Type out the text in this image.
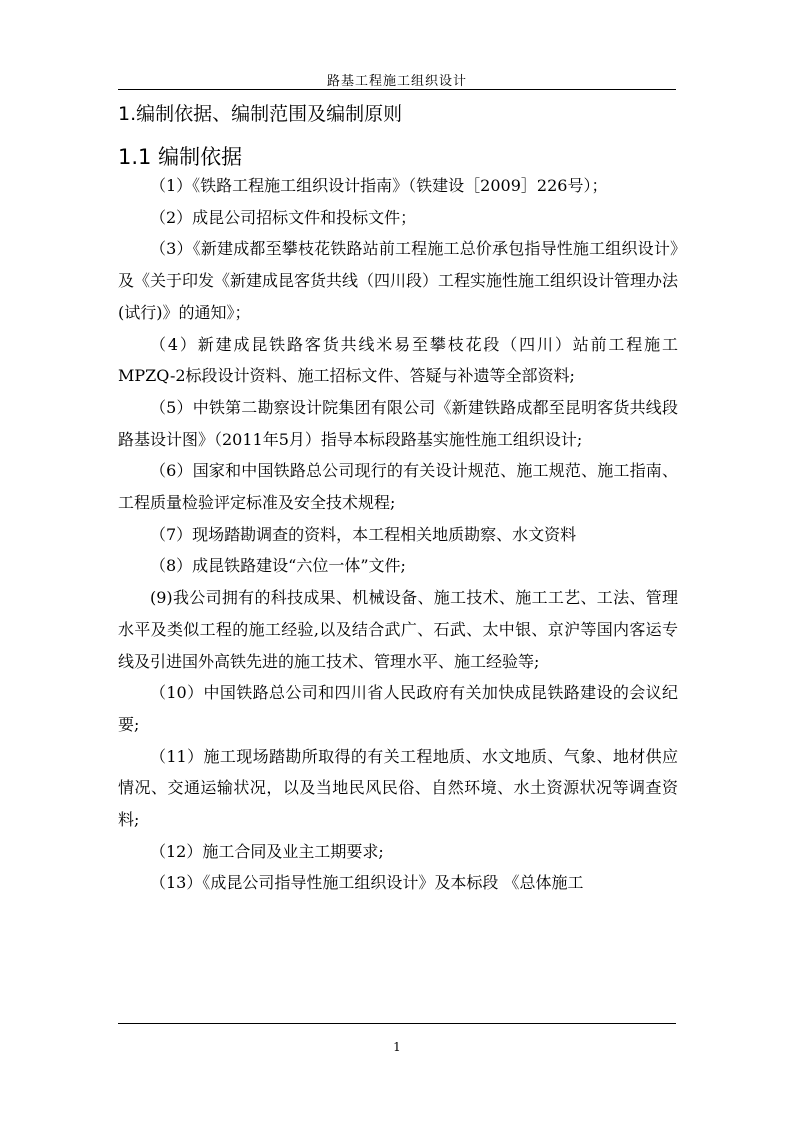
路基工程施工组织设计
1.编制依据、编制范围及编制原则
1.1 编制依据

（1）《铁路工程施工组织设计指南》（铁建设［2009］226号）；

（2）成昆公司招标文件和投标文件；

（3）《新建成都至攀枝花铁路站前工程施工总价承包指导性施工组织设计》及《关于印发《新建成昆客货共线（四川段）工程实施性施工组织设计管理办法(试行)》的通知》；

（4）新建成昆铁路客货共线米易至攀枝花段（四川）站前工程施工MPZQ-2标段设计资料、施工招标文件、答疑与补遗等全部资料;

（5）中铁第二勘察设计院集团有限公司《新建铁路成都至昆明客货共线段路基设计图》（2011年5月）指导本标段路基实施性施工组织设计;

（6）国家和中国铁路总公司现行的有关设计规范、施工规范、施工指南、工程质量检验评定标准及安全技术规程;

（7）现场踏勘调查的资料，本工程相关地质勘察、水文资料

（8）成昆铁路建设“六位一体”文件;

(9)我公司拥有的科技成果、机械设备、施工技术、施工工艺、工法、管理水平及类似工程的施工经验,以及结合武广、石武、太中银、京沪等国内客运专线及引进国外高铁先进的施工技术、管理水平、施工经验等;

（10）中国铁路总公司和四川省人民政府有关加快成昆铁路建设的会议纪要;

（11）施工现场踏勘所取得的有关工程地质、水文地质、气象、地材供应情况、交通运输状况，以及当地民风民俗、自然环境、水土资源状况等调查资料;

（12）施工合同及业主工期要求;

（13）《成昆公司指导性施工组织设计》及本标段 《总体施工

1
